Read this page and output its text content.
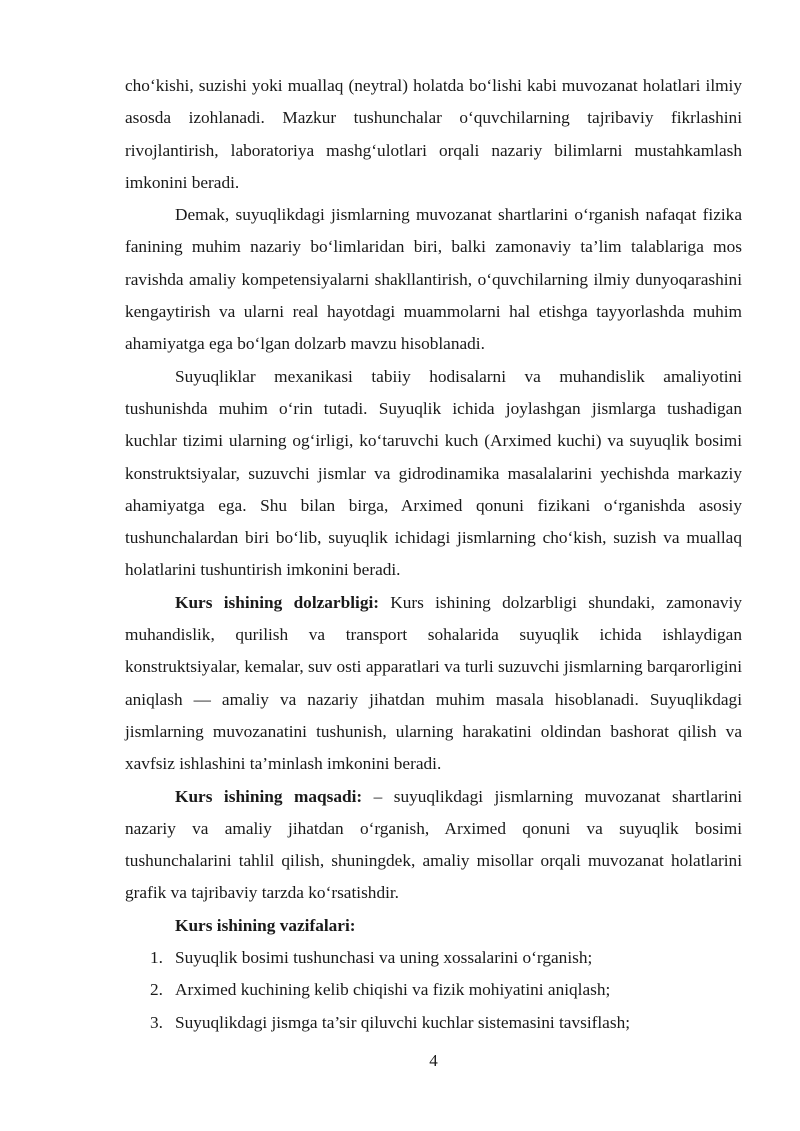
cho‘kishi, suzishi yoki muallaq (neytral) holatda bo‘lishi kabi muvozanat holatlari ilmiy asosda izohlanadi. Mazkur tushunchalar o‘quvchilarning tajribaviy fikrlashini rivojlantirish, laboratoriya mashg‘ulotlari orqali nazariy bilimlarni mustahkamlash imkonini beradi.

Demak, suyuqlikdagi jismlarning muvozanat shartlarini o‘rganish nafaqat fizika fanining muhim nazariy bo‘limlaridan biri, balki zamonaviy ta’lim talablariga mos ravishda amaliy kompetensiyalarni shakllantirish, o‘quvchilarning ilmiy dunyoqarashini kengaytirish va ularni real hayotdagi muammolarni hal etishga tayyorlashda muhim ahamiyatga ega bo‘lgan dolzarb mavzu hisoblanadi.

Suyuqliklar mexanikasi tabiiy hodisalarni va muhandislik amaliyotini tushunishda muhim o‘rin tutadi. Suyuqlik ichida joylashgan jismlarga tushadigan kuchlar tizimi ularning og‘irligi, ko‘taruvchi kuch (Arximed kuchi) va suyuqlik bosimi konstruktsiyalar, suzuvchi jismlar va gidrodinamika masalalarini yechishda markaziy ahamiyatga ega. Shu bilan birga, Arximed qonuni fizikani o‘rganishda asosiy tushunchalardan biri bo‘lib, suyuqlik ichidagi jismlarning cho‘kish, suzish va muallaq holatlarini tushuntirish imkonini beradi.

Kurs ishining dolzarbligi: Kurs ishining dolzarbligi shundaki, zamonaviy muhandislik, qurilish va transport sohalarida suyuqlik ichida ishlaydigan konstruktsiyalar, kemalar, suv osti apparatlari va turli suzuvchi jismlarning barqarorligini aniqlash — amaliy va nazariy jihatdan muhim masala hisoblanadi. Suyuqlikdagi jismlarning muvozanatini tushunish, ularning harakatini oldindan bashorat qilish va xavfsiz ishlashini ta’minlash imkonini beradi.

Kurs ishining maqsadi: – suyuqlikdagi jismlarning muvozanat shartlarini nazariy va amaliy jihatdan o‘rganish, Arximed qonuni va suyuqlik bosimi tushunchalarini tahlil qilish, shuningdek, amaliy misollar orqali muvozanat holatlarini grafik va tajribaviy tarzda ko‘rsatishdir.

Kurs ishining vazifalari:
1. Suyuqlik bosimi tushunchasi va uning xossalarini o‘rganish;
2. Arximed kuchining kelib chiqishi va fizik mohiyatini aniqlash;
3. Suyuqlikdagi jismga ta’sir qiluvchi kuchlar sistemasini tavsiflash;
4
